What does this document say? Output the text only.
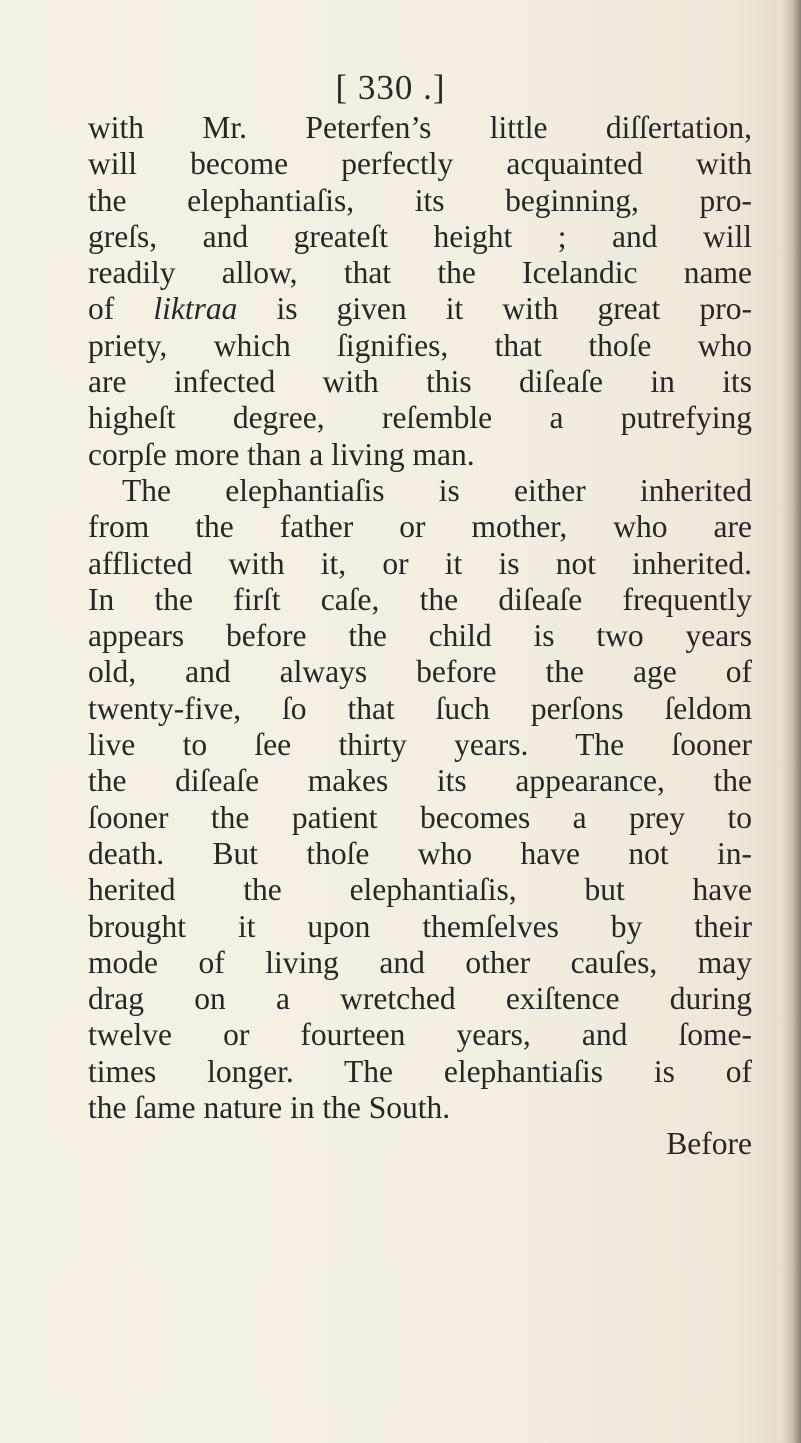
[ 330 .]
with Mr. Peterfen’s little diſſertation,
will become perfectly acquainted with
the elephantiaſis, its beginning, pro-
greſs, and greateſt height ; and will
readily allow, that the Icelandic name
of liktraa is given it with great pro-
priety, which ſignifies, that thoſe who
are infected with this diſeaſe in its
higheſt degree, reſemble a putrefying
corpſe more than a living man.
The elephantiaſis is either inherited
from the father or mother, who are
afflicted with it, or it is not inherited.
In the firſt caſe, the diſeaſe frequently
appears before the child is two years
old, and always before the age of
twenty-five, ſo that ſuch perſons ſeldom
live to ſee thirty years. The ſooner
the diſeaſe makes its appearance, the
ſooner the patient becomes a prey to
death. But thoſe who have not in-
herited the elephantiaſis, but have
brought it upon themſelves by their
mode of living and other cauſes, may
drag on a wretched exiſtence during
twelve or fourteen years, and ſome-
times longer. The elephantiaſis is of
the ſame nature in the South.
Before
